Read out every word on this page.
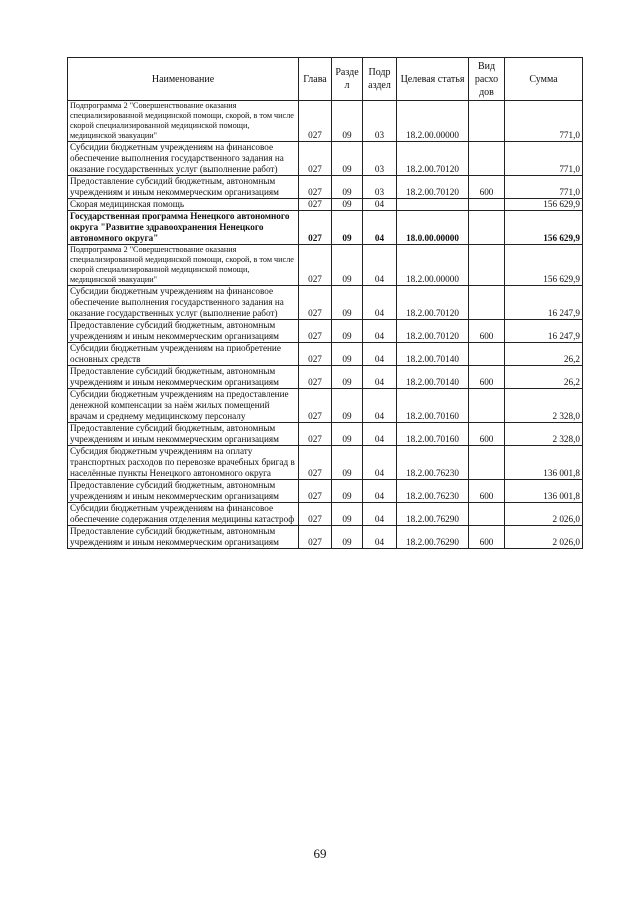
Наименование	Глава	Разде л	Подр аздел	Целевая статья	Вид расхо дов	Сумма
Подпрограмма 2 "Совершенствование оказания специализированной медицинской помощи, скорой, в том числе скорой специализированной медицинской помощи, медицинской эвакуации"	027	09	03	18.2.00.00000		771,0
Субсидии бюджетным учреждениям на финансовое обеспечение выполнения государственного задания на оказание государственных услуг (выполнение работ)	027	09	03	18.2.00.70120		771,0
Предоставление субсидий бюджетным, автономным учреждениям и иным некоммерческим организациям	027	09	03	18.2.00.70120	600	771,0
Скорая медицинская помощь	027	09	04			156 629,9
Государственная программа Ненецкого автономного округа "Развитие здравоохранения Ненецкого автономного округа"	027	09	04	18.0.00.00000		156 629,9
Подпрограмма 2 "Совершенствование оказания специализированной медицинской помощи, скорой, в том числе скорой специализированной медицинской помощи, медицинской эвакуации"	027	09	04	18.2.00.00000		156 629,9
Субсидии бюджетным учреждениям на финансовое обеспечение выполнения государственного задания на оказание государственных услуг (выполнение работ)	027	09	04	18.2.00.70120		16 247,9
Предоставление субсидий бюджетным, автономным учреждениям и иным некоммерческим организациям	027	09	04	18.2.00.70120	600	16 247,9
Субсидии бюджетным учреждениям на приобретение основных средств	027	09	04	18.2.00.70140		26,2
Предоставление субсидий бюджетным, автономным учреждениям и иным некоммерческим организациям	027	09	04	18.2.00.70140	600	26,2
Субсидии бюджетным учреждениям на предоставление денежной компенсации за наём жилых помещений врачам и среднему медицинскому персоналу	027	09	04	18.2.00.70160		2 328,0
Предоставление субсидий бюджетным, автономным учреждениям и иным некоммерческим организациям	027	09	04	18.2.00.70160	600	2 328,0
Субсидия бюджетным учреждениям на оплату транспортных расходов по перевозке врачебных бригад в населённые пункты Ненецкого автономного округа	027	09	04	18.2.00.76230		136 001,8
Предоставление субсидий бюджетным, автономным учреждениям и иным некоммерческим организациям	027	09	04	18.2.00.76230	600	136 001,8
Субсидии бюджетным учреждениям на финансовое обеспечение содержания отделения медицины катастроф	027	09	04	18.2.00.76290		2 026,0
Предоставление субсидий бюджетным, автономным учреждениям и иным некоммерческим организациям	027	09	04	18.2.00.76290	600	2 026,0
69
